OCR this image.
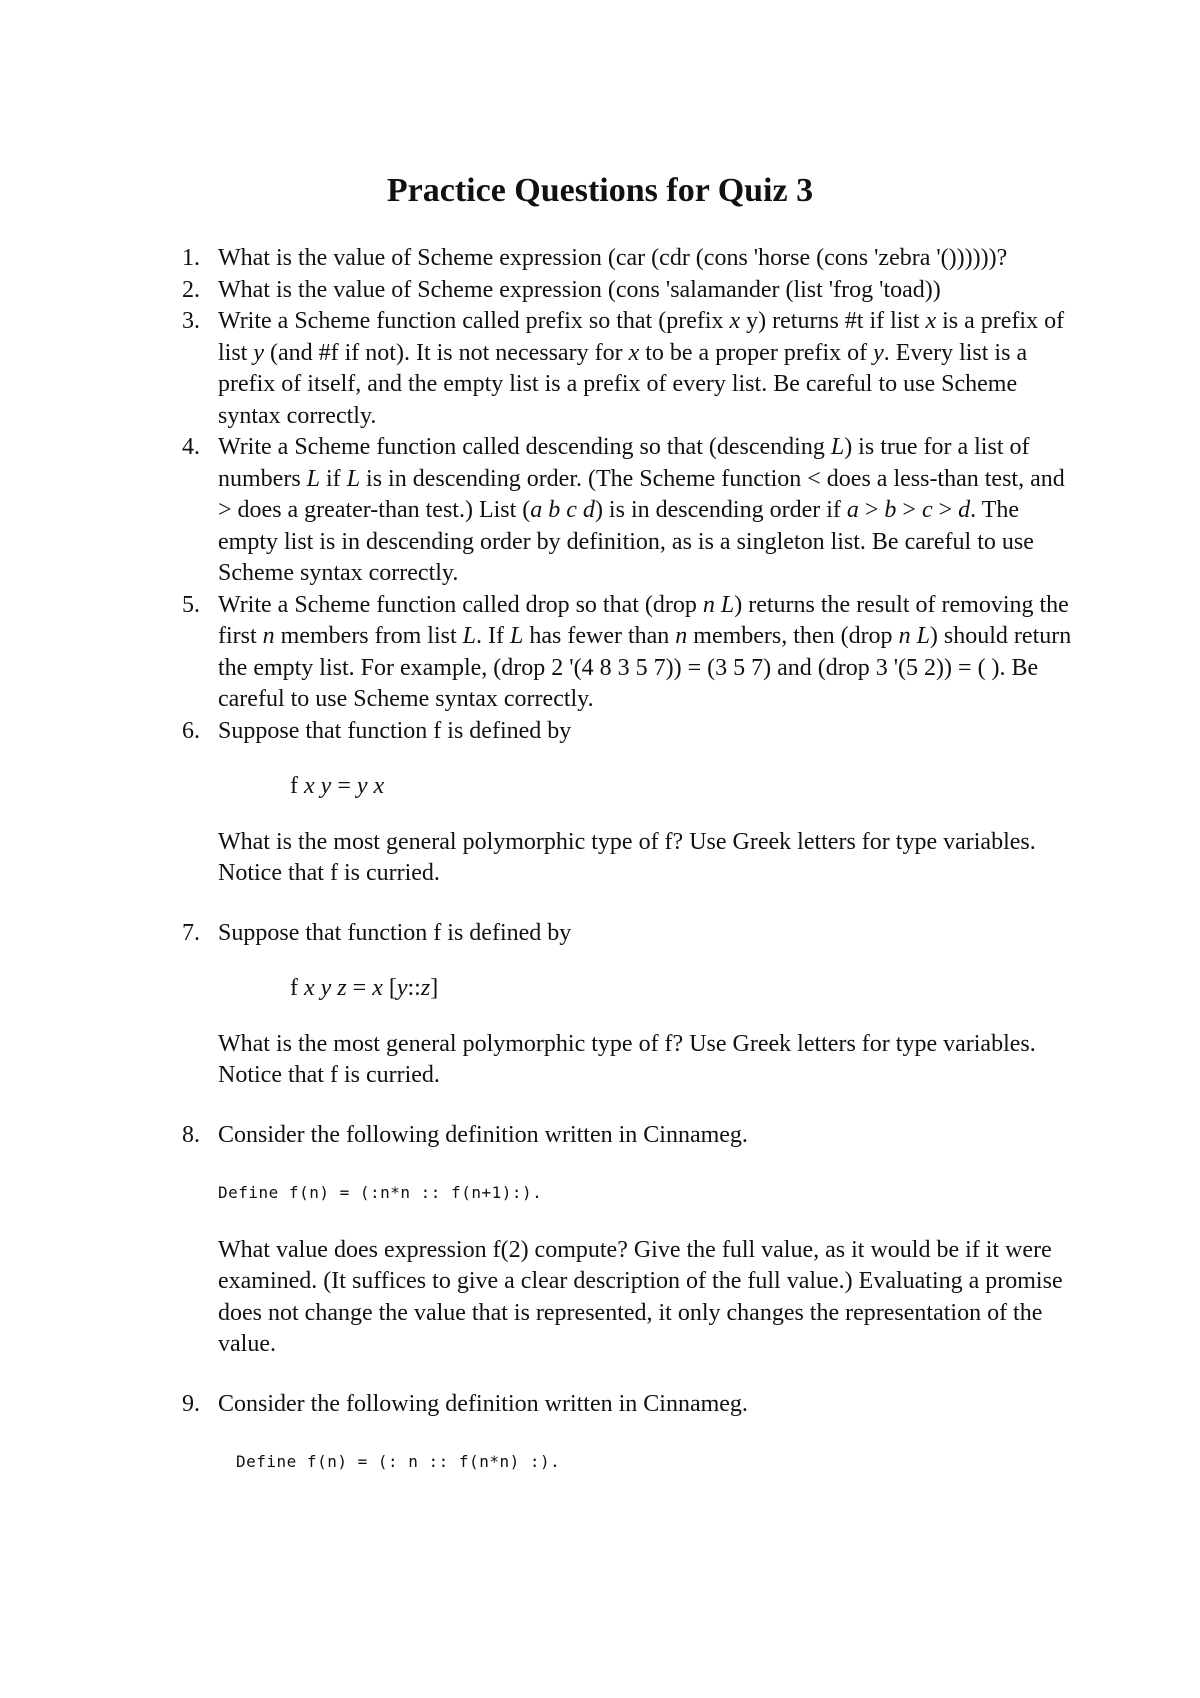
Practice Questions for Quiz 3
1. What is the value of Scheme expression (car (cdr (cons 'horse (cons 'zebra '())))))?
2. What is the value of Scheme expression (cons 'salamander (list 'frog 'toad))
3. Write a Scheme function called prefix so that (prefix x y) returns #t if list x is a prefix of list y (and #f if not). It is not necessary for x to be a proper prefix of y. Every list is a prefix of itself, and the empty list is a prefix of every list. Be careful to use Scheme syntax correctly.
4. Write a Scheme function called descending so that (descending L) is true for a list of numbers L if L is in descending order. (The Scheme function < does a less-than test, and > does a greater-than test.) List (a b c d) is in descending order if a > b > c > d. The empty list is in descending order by definition, as is a singleton list. Be careful to use Scheme syntax correctly.
5. Write a Scheme function called drop so that (drop n L) returns the result of removing the first n members from list L. If L has fewer than n members, then (drop n L) should return the empty list. For example, (drop 2 '(4 8 3 5 7)) = (3 5 7) and (drop 3 '(5 2)) = ( ). Be careful to use Scheme syntax correctly.
6. Suppose that function f is defined by
f x y = y x
What is the most general polymorphic type of f? Use Greek letters for type variables. Notice that f is curried.
7. Suppose that function f is defined by
f x y z = x [y::z]
What is the most general polymorphic type of f? Use Greek letters for type variables. Notice that f is curried.
8. Consider the following definition written in Cinnameg.
Define f(n) = (:n*n :: f(n+1):).
What value does expression f(2) compute? Give the full value, as it would be if it were examined. (It suffices to give a clear description of the full value.) Evaluating a promise does not change the value that is represented, it only changes the representation of the value.
9. Consider the following definition written in Cinnameg.
Define f(n) = (: n :: f(n*n) :).
